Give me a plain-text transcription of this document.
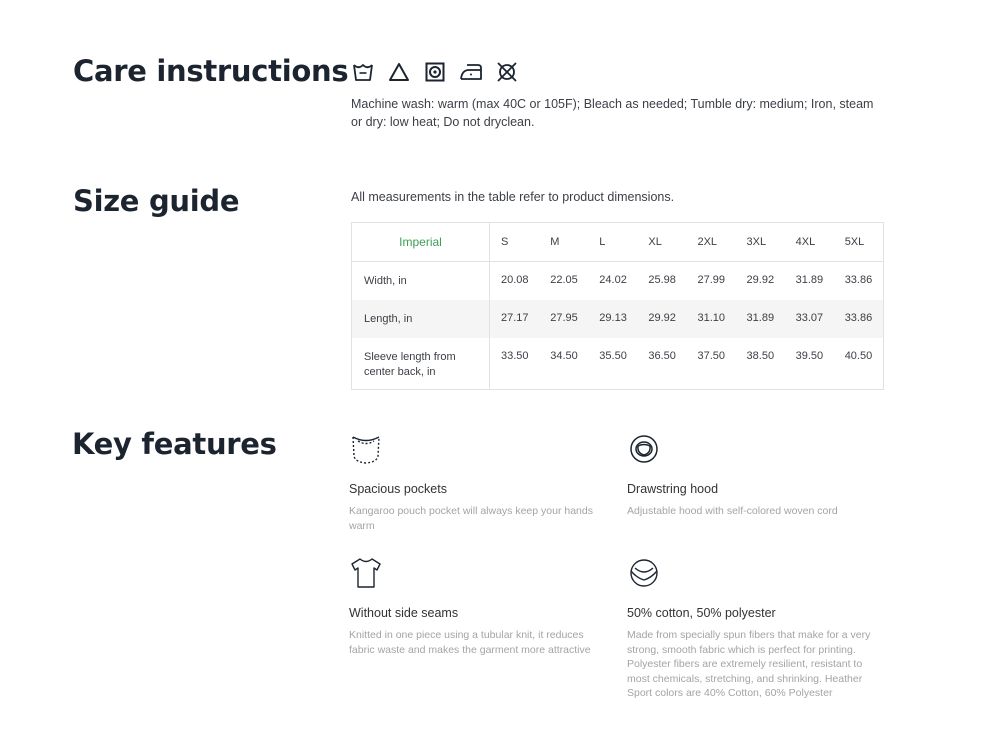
Care instructions
Machine wash: warm (max 40C or 105F); Bleach as needed; Tumble dry: medium; Iron, steam or dry: low heat; Do not dryclean.
Size guide	All measurements in the table refer to product dimensions.
Imperial	S	M	L	XL	2XL	3XL	4XL	5XL
Width, in	20.08	22.05	24.02	25.98	27.99	29.92	31.89	33.86
Length, in	27.17	27.95	29.13	29.92	31.10	31.89	33.07	33.86
Sleeve length from center back, in	33.50	34.50	35.50	36.50	37.50	38.50	39.50	40.50
Key features
Spacious pockets
Kangaroo pouch pocket will always keep your hands warm
Drawstring hood
Adjustable hood with self-colored woven cord
Without side seams
Knitted in one piece using a tubular knit, it reduces fabric waste and makes the garment more attractive
50% cotton, 50% polyester
Made from specially spun fibers that make for a very strong, smooth fabric which is perfect for printing. Polyester fibers are extremely resilient, resistant to most chemicals, stretching, and shrinking. Heather Sport colors are 40% Cotton, 60% Polyester
